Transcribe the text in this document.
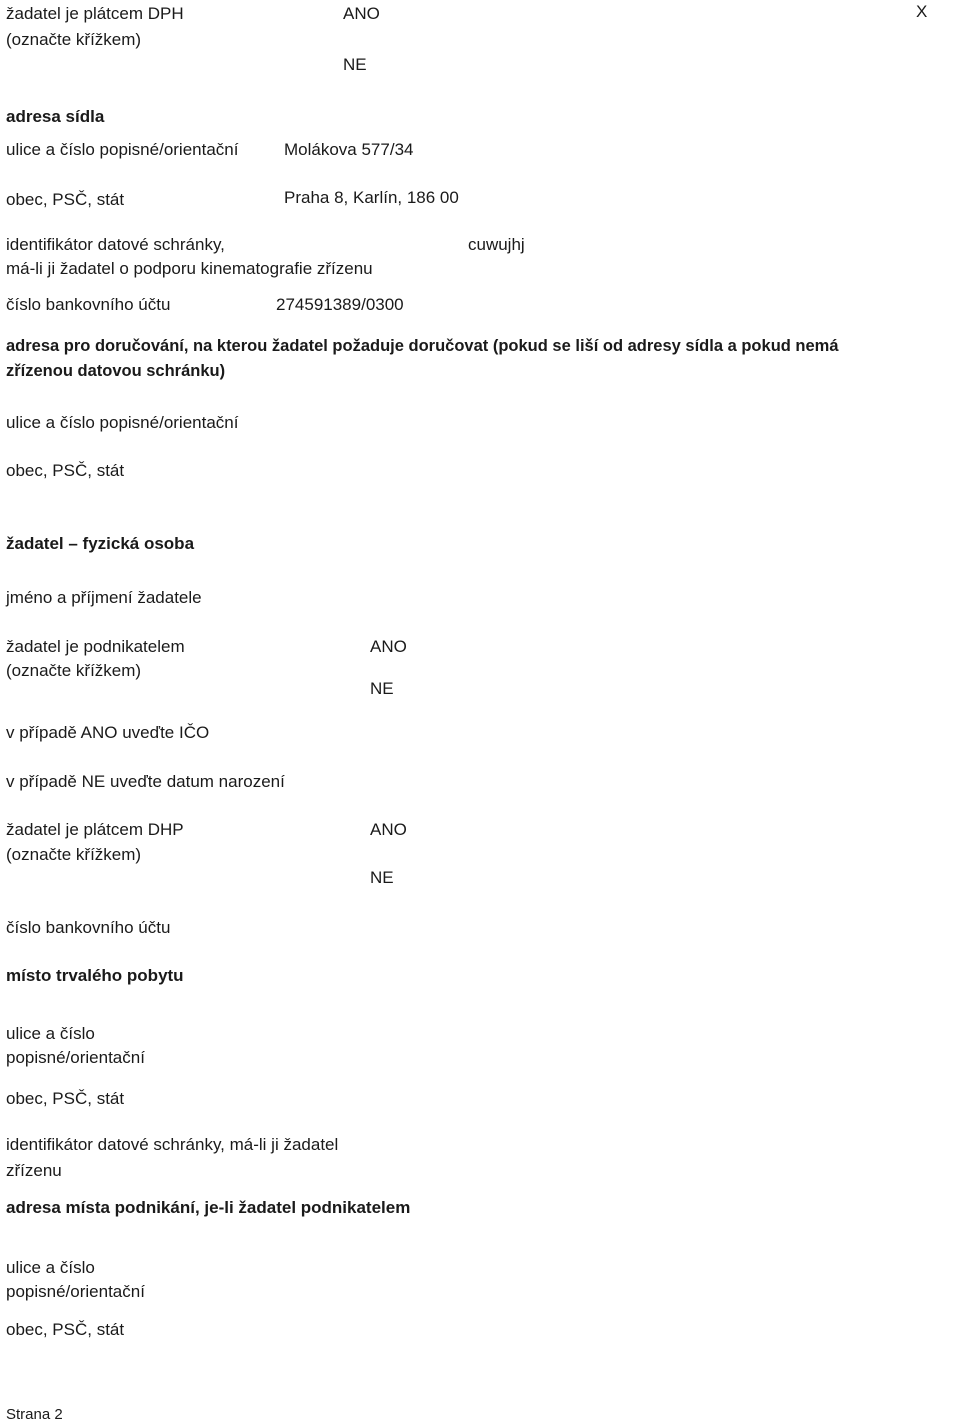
žadatel je plátcem DPH
(označte křížkem)
ANO	X
NE
adresa sídla
ulice a číslo popisné/orientační	Molákova 577/34
obec, PSČ, stát	Praha 8, Karlín, 186 00
identifikátor datové schránky,
má-li ji žadatel o podporu kinematografie zřízenu
cuwujhj
číslo bankovního účtu	274591389/0300
adresa pro doručování, na kterou žadatel požaduje doručovat (pokud se liší od adresy sídla a pokud nemá
zřízenou datovou schránku)
ulice a číslo popisné/orientační
obec, PSČ, stát
žadatel – fyzická osoba
jméno a příjmení žadatele
žadatel je podnikatelem
(označte křížkem)
ANO
NE
v případě ANO uveďte IČO
v případě NE uveďte datum narození
žadatel je plátcem DHP
(označte křížkem)
ANO
NE
číslo bankovního účtu
místo trvalého pobytu
ulice a číslo
popisné/orientační
obec, PSČ, stát
identifikátor datové schránky, má-li ji žadatel
zřízenu
adresa místa podnikání, je-li žadatel podnikatelem
ulice a číslo
popisné/orientační
obec, PSČ, stát
Strana 2
